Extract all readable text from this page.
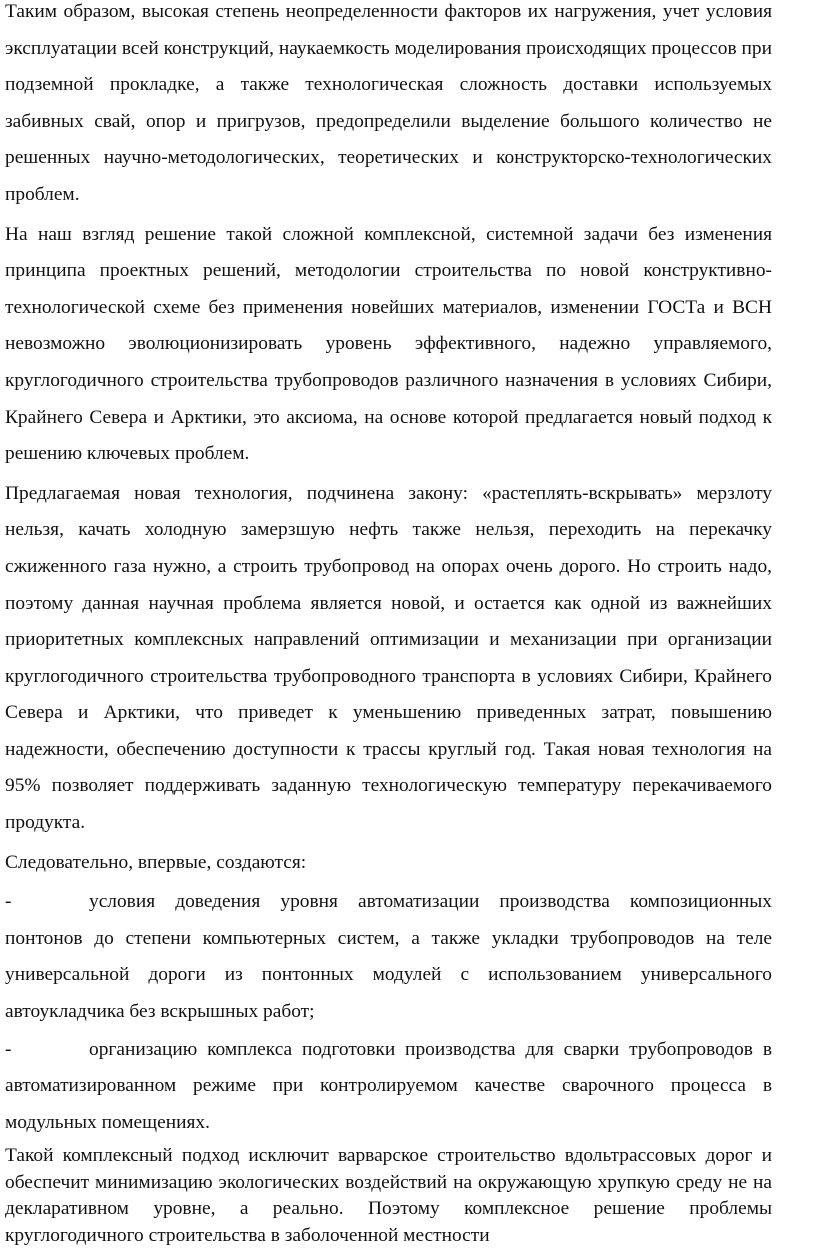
Таким образом, высокая степень неопределенности факторов их нагружения, учет условия эксплуатации всей конструкций, наукаемкость моделирования происходящих процессов при подземной прокладке, а также технологическая сложность доставки используемых забивных свай, опор и пригрузов, предопределили выделение большого количество не решенных научно-методологических, теоретических и конструкторско-технологических проблем.

На наш взгляд решение такой сложной комплексной, системной задачи без изменения принципа проектных решений, методологии строительства по новой конструктивно-технологической схеме без применения новейших материалов, изменении ГОСТа и ВСН невозможно эволюционизировать уровень эффективного, надежно управляемого, круглогодичного строительства трубопроводов различного назначения в условиях Сибири, Крайнего Севера и Арктики, это аксиома, на основе которой предлагается новый подход к решению ключевых проблем.

Предлагаемая новая технология, подчинена закону: «растеплять-вскрывать» мерзлоту нельзя, качать холодную замерзшую нефть также нельзя, переходить на перекачку сжиженного газа нужно, а строить трубопровод на опорах очень дорого. Но строить надо, поэтому данная научная проблема является новой, и остается как одной из важнейших приоритетных комплексных направлений оптимизации и механизации при организации круглогодичного строительства трубопроводного транспорта в условиях Сибири, Крайнего Севера и Арктики, что приведет к уменьшению приведенных затрат, повышению надежности, обеспечению доступности к трассы круглый год. Такая новая технология на 95% позволяет поддерживать заданную технологическую температуру перекачиваемого продукта.

Следовательно, впервые, создаются:

-	условия доведения уровня автоматизации производства композиционных понтонов до степени компьютерных систем, а также укладки трубопроводов на теле универсальной дороги из понтонных модулей с использованием универсального автоукладчика без вскрышных работ;

-	организацию комплекса подготовки производства для сварки трубопроводов в автоматизированном режиме при контролируемом качестве сварочного процесса в модульных помещениях.

Такой комплексный подход исключит варварское строительство вдольтрассовых дорог и обеспечит минимизацию экологических воздействий на окружающую хрупкую среду не на декларативном уровне, а реально. Поэтому комплексное решение проблемы круглогодичного строительства в заболоченной местности
